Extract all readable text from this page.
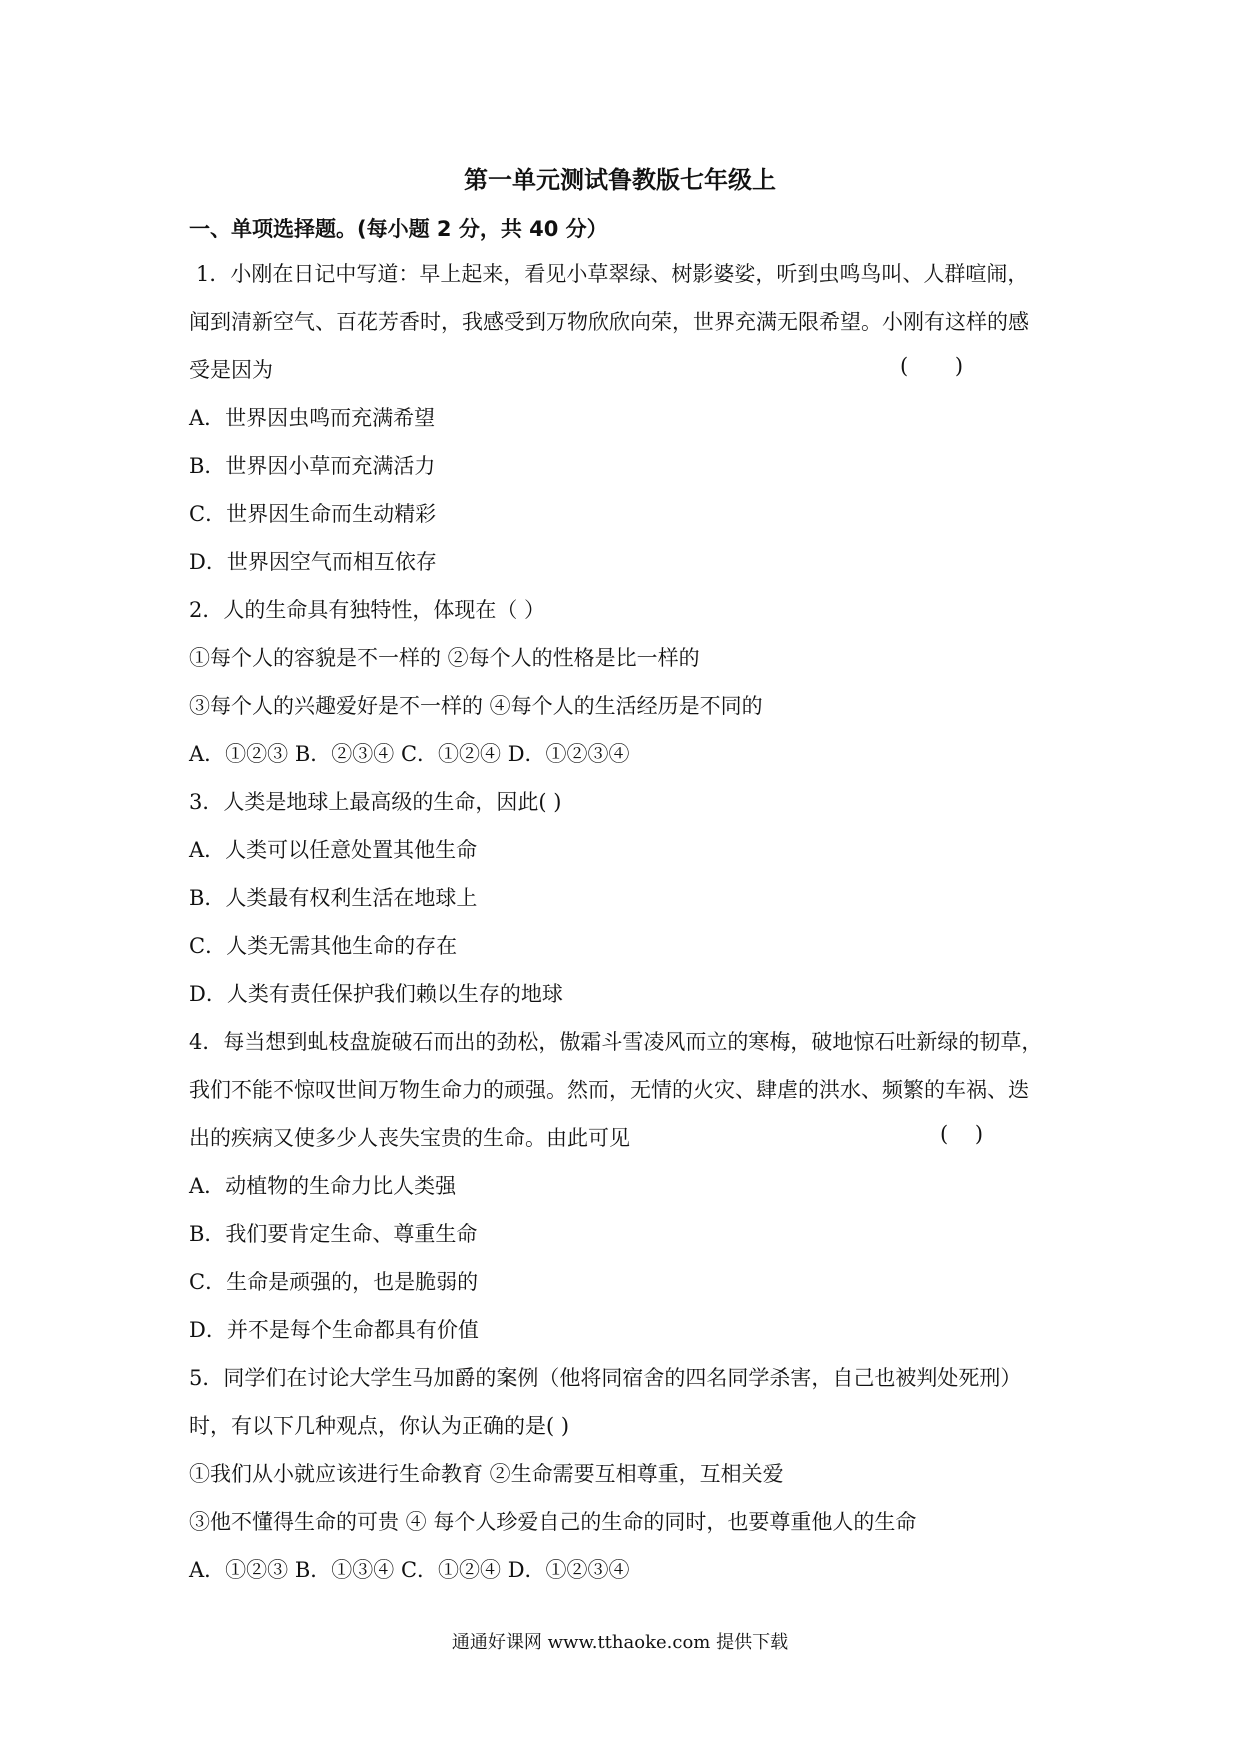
第一单元测试鲁教版七年级上
一、单项选择题。(每小题 2 分，共 40 分）
1．小刚在日记中写道：早上起来，看见小草翠绿、树影婆娑，听到虫鸣鸟叫、人群喧闹，
闻到清新空气、百花芳香时，我感受到万物欣欣向荣，世界充满无限希望。小刚有这样的感
受是因为	(       )
A．世界因虫鸣而充满希望
B．世界因小草而充满活力
C．世界因生命而生动精彩
D．世界因空气而相互依存
2．人的生命具有独特性，体现在（ ）
①每个人的容貌是不一样的 ②每个人的性格是比一样的
③每个人的兴趣爱好是不一样的 ④每个人的生活经历是不同的
A．①②③ B．②③④ C．①②④ D．①②③④
3．人类是地球上最高级的生命，因此( )
A．人类可以任意处置其他生命
B．人类最有权利生活在地球上
C．人类无需其他生命的存在
D．人类有责任保护我们赖以生存的地球
4．每当想到虬枝盘旋破石而出的劲松，傲霜斗雪凌风而立的寒梅，破地惊石吐新绿的韧草，
我们不能不惊叹世间万物生命力的顽强。然而，无情的火灾、肆虐的洪水、频繁的车祸、迭
出的疾病又使多少人丧失宝贵的生命。由此可见	(    )
A．动植物的生命力比人类强
B．我们要肯定生命、尊重生命
C．生命是顽强的，也是脆弱的
D．并不是每个生命都具有价值
5．同学们在讨论大学生马加爵的案例（他将同宿舍的四名同学杀害，自己也被判处死刑）
时，有以下几种观点，你认为正确的是( )
①我们从小就应该进行生命教育 ②生命需要互相尊重，互相关爱
③他不懂得生命的可贵 ④ 每个人珍爱自己的生命的同时，也要尊重他人的生命
A．①②③ B．①③④ C．①②④ D．①②③④
通通好课网 www.tthaoke.com 提供下载
